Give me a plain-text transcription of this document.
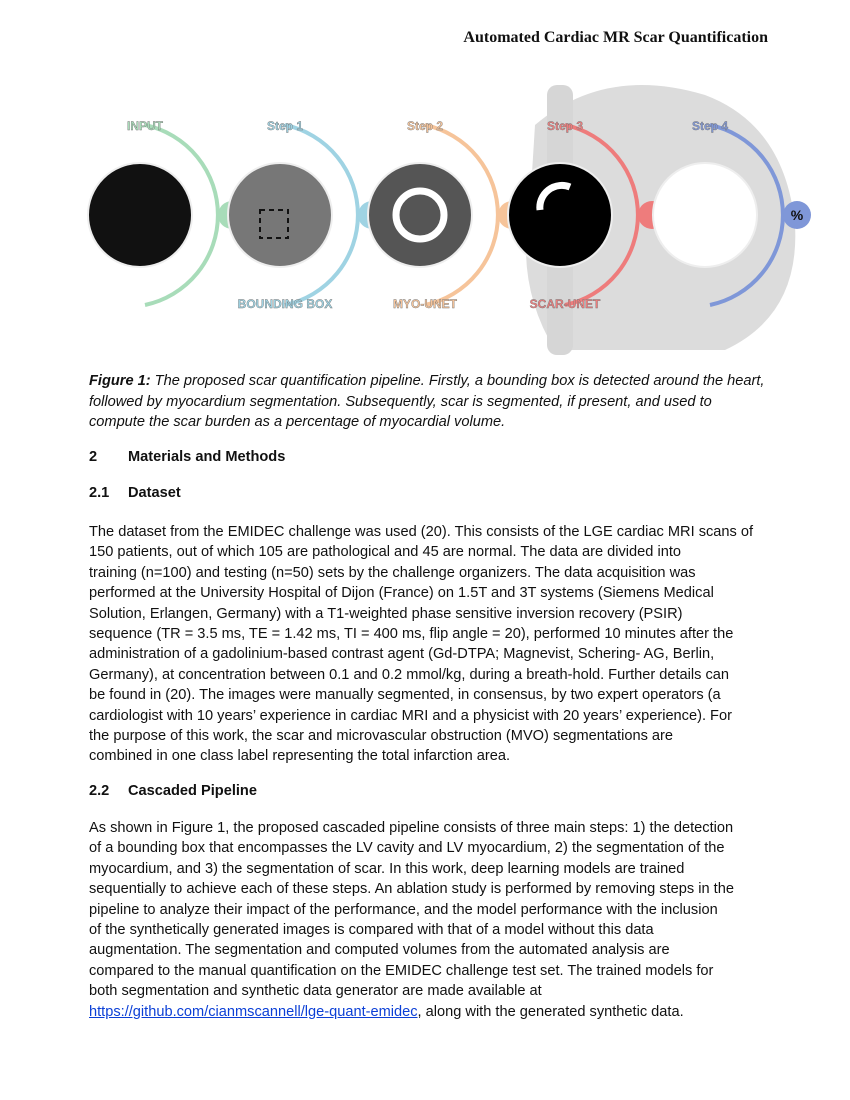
Automated Cardiac MR Scar Quantification
INPUT	Step 1
BOUNDING BOX
Step 2
MYO-UNET
Step 3
SCAR-UNET
Step 4
%
Figure 1: The proposed scar quantification pipeline. Firstly, a bounding box is detected around the heart, followed by myocardium segmentation. Subsequently, scar is segmented, if present, and used to compute the scar burden as a percentage of myocardial volume.
2 Materials and Methods
2.1 Dataset
The dataset from the EMIDEC challenge was used (20). This consists of the LGE cardiac MRI scans of
150 patients, out of which 105 are pathological and 45 are normal. The data are divided into
training (n=100) and testing (n=50) sets by the challenge organizers. The data acquisition was
performed at the University Hospital of Dijon (France) on 1.5T and 3T systems (Siemens Medical
Solution, Erlangen, Germany) with a T1-weighted phase sensitive inversion recovery (PSIR)
sequence (TR = 3.5 ms, TE = 1.42 ms, TI = 400 ms, flip angle = 20), performed 10 minutes after the
administration of a gadolinium-based contrast agent (Gd-DTPA; Magnevist, Schering- AG, Berlin,
Germany), at concentration between 0.1 and 0.2 mmol/kg, during a breath-hold. Further details can
be found in (20). The images were manually segmented, in consensus, by two expert operators (a
cardiologist with 10 years’ experience in cardiac MRI and a physicist with 20 years’ experience). For
the purpose of this work, the scar and microvascular obstruction (MVO) segmentations are
combined in one class label representing the total infarction area.
2.2 Cascaded Pipeline
As shown in Figure 1, the proposed cascaded pipeline consists of three main steps: 1) the detection
of a bounding box that encompasses the LV cavity and LV myocardium, 2) the segmentation of the
myocardium, and 3) the segmentation of scar. In this work, deep learning models are trained
sequentially to achieve each of these steps. An ablation study is performed by removing steps in the
pipeline to analyze their impact of the performance, and the model performance with the inclusion
of the synthetically generated images is compared with that of a model without this data
augmentation. The segmentation and computed volumes from the automated analysis are
compared to the manual quantification on the EMIDEC challenge test set. The trained models for
both segmentation and synthetic data generator are made available at
https://github.com/cianmscannell/lge-quant-emidec, along with the generated synthetic data.
